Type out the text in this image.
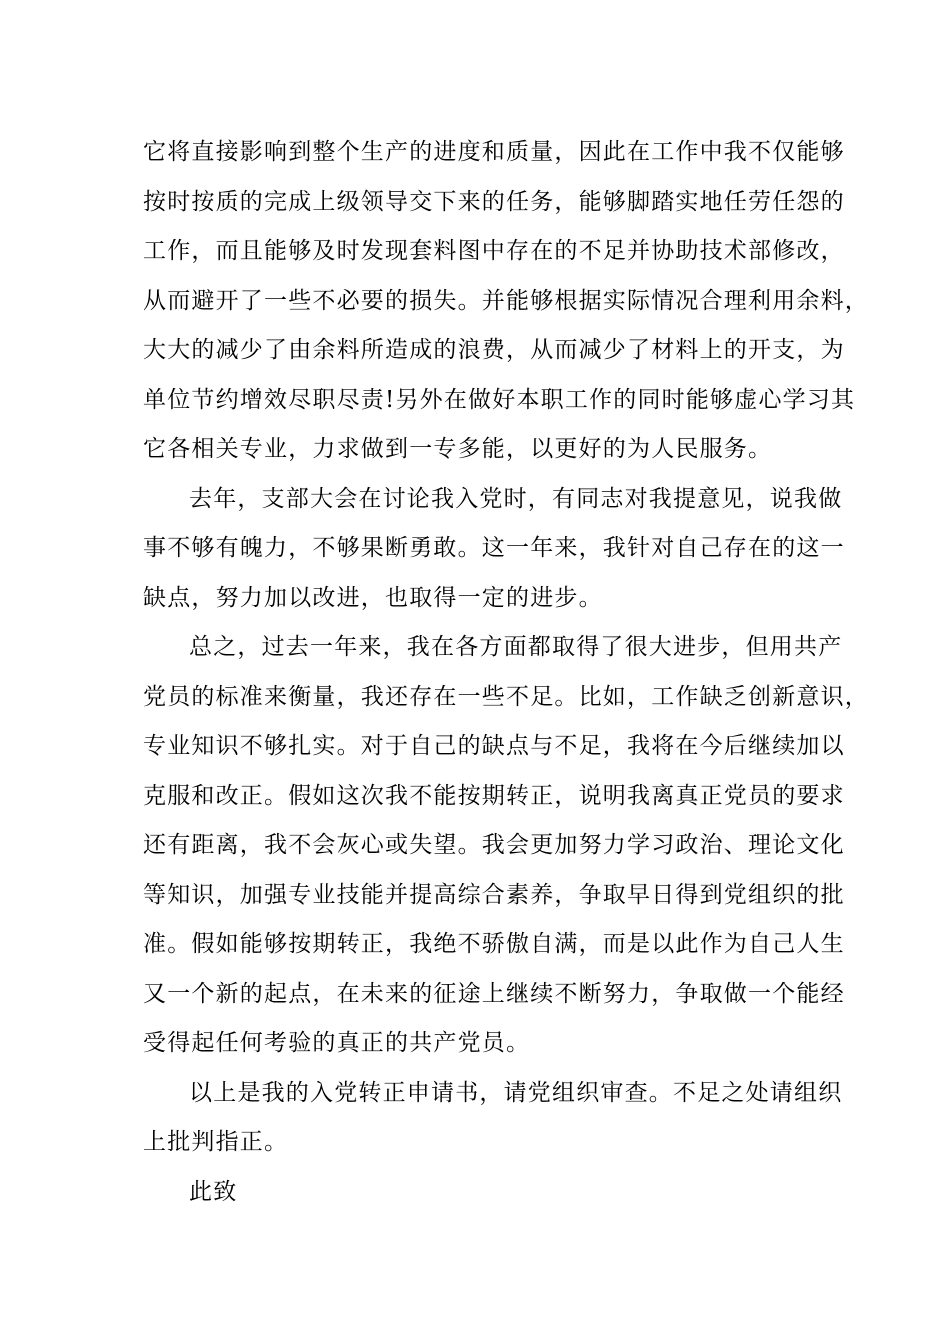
它将直接影响到整个生产的进度和质量，因此在工作中我不仅能够
按时按质的完成上级领导交下来的任务，能够脚踏实地任劳任怨的
工作，而且能够及时发现套料图中存在的不足并协助技术部修改，
从而避开了一些不必要的损失。并能够根据实际情况合理利用余料，
大大的减少了由余料所造成的浪费，从而减少了材料上的开支，为
单位节约增效尽职尽责!另外在做好本职工作的同时能够虚心学习其
它各相关专业，力求做到一专多能，以更好的为人民服务。
去年，支部大会在讨论我入党时，有同志对我提意见，说我做
事不够有魄力，不够果断勇敢。这一年来，我针对自己存在的这一
缺点，努力加以改进，也取得一定的进步。
总之，过去一年来，我在各方面都取得了很大进步，但用共产
党员的标准来衡量，我还存在一些不足。比如，工作缺乏创新意识，
专业知识不够扎实。对于自己的缺点与不足，我将在今后继续加以
克服和改正。假如这次我不能按期转正，说明我离真正党员的要求
还有距离，我不会灰心或失望。我会更加努力学习政治、理论文化
等知识，加强专业技能并提高综合素养，争取早日得到党组织的批
准。假如能够按期转正，我绝不骄傲自满，而是以此作为自己人生
又一个新的起点，在未来的征途上继续不断努力，争取做一个能经
受得起任何考验的真正的共产党员。
以上是我的入党转正申请书，请党组织审查。不足之处请组织
上批判指正。
此致
